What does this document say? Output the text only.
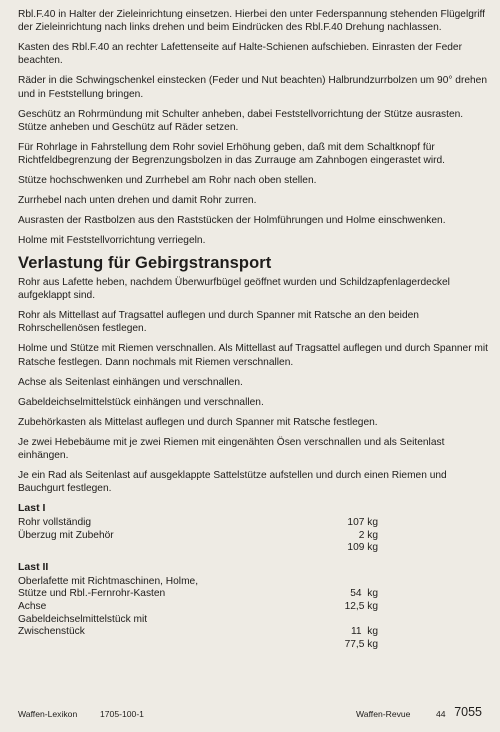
Rbl.F.40 in Halter der Zieleinrichtung einsetzen. Hierbei den unter Federspannung stehenden Flügelgriff der Zieleinrichtung nach links drehen und beim Eindrücken des Rbl.F.40 Drehung nachlassen.

Kasten des Rbl.F.40 an rechter Lafettenseite auf Halte-Schienen aufschieben. Einrasten der Feder beachten.

Räder in die Schwingschenkel einstecken (Feder und Nut beachten) Halbrundzurrbolzen um 90° drehen und in Feststellung bringen.

Geschütz an Rohrmündung mit Schulter anheben, dabei Feststellvorrichtung der Stütze ausrasten. Stütze anheben und Geschütz auf Räder setzen.

Für Rohrlage in Fahrstellung dem Rohr soviel Erhöhung geben, daß mit dem Schaltknopf für Richtfeldbegrenzung der Begrenzungsbolzen in das Zurrauge am Zahnbogen eingerastet wird.

Stütze hochschwenken und Zurrhebel am Rohr nach oben stellen.

Zurrhebel nach unten drehen und damit Rohr zurren.

Ausrasten der Rastbolzen aus den Raststücken der Holmführungen und Holme einschwenken.

Holme mit Feststellvorrichtung verriegeln.

Verlastung für Gebirgstransport

Rohr aus Lafette heben, nachdem Überwurfbügel geöffnet wurden und Schildzapfenlagerdeckel aufgeklappt sind.

Rohr als Mittellast auf Tragsattel auflegen und durch Spanner mit Ratsche an den beiden Rohrschellenösen festlegen.

Holme und Stütze mit Riemen verschnallen. Als Mittellast auf Tragsattel auflegen und durch Spanner mit Ratsche festlegen. Dann nochmals mit Riemen verschnallen.

Achse als Seitenlast einhängen und verschnallen.

Gabeldeichselmittelstück einhängen und verschnallen.

Zubehörkasten als Mittelast auflegen und durch Spanner mit Ratsche festlegen.

Je zwei Hebebäume mit je zwei Riemen mit eingenähten Ösen verschnallen und als Seitenlast einhängen.

Je ein Rad als Seitenlast auf ausgeklappte Sattelstütze aufstellen und durch einen Riemen und Bauchgurt festlegen.

Last I
Rohr vollständig	107 kg
Überzug mit Zubehör	2 kg
109 kg
Last II
Oberlafette mit Richtmaschinen, Holme,
Stütze und Rbl.-Fernrohr-Kasten	54  kg
Achse	12,5 kg
Gabeldeichselmittelstück mit
Zwischenstück	11  kg
77,5 kg
Waffen-Lexikon	1705-100-1	Waffen-Revue	44 7055
